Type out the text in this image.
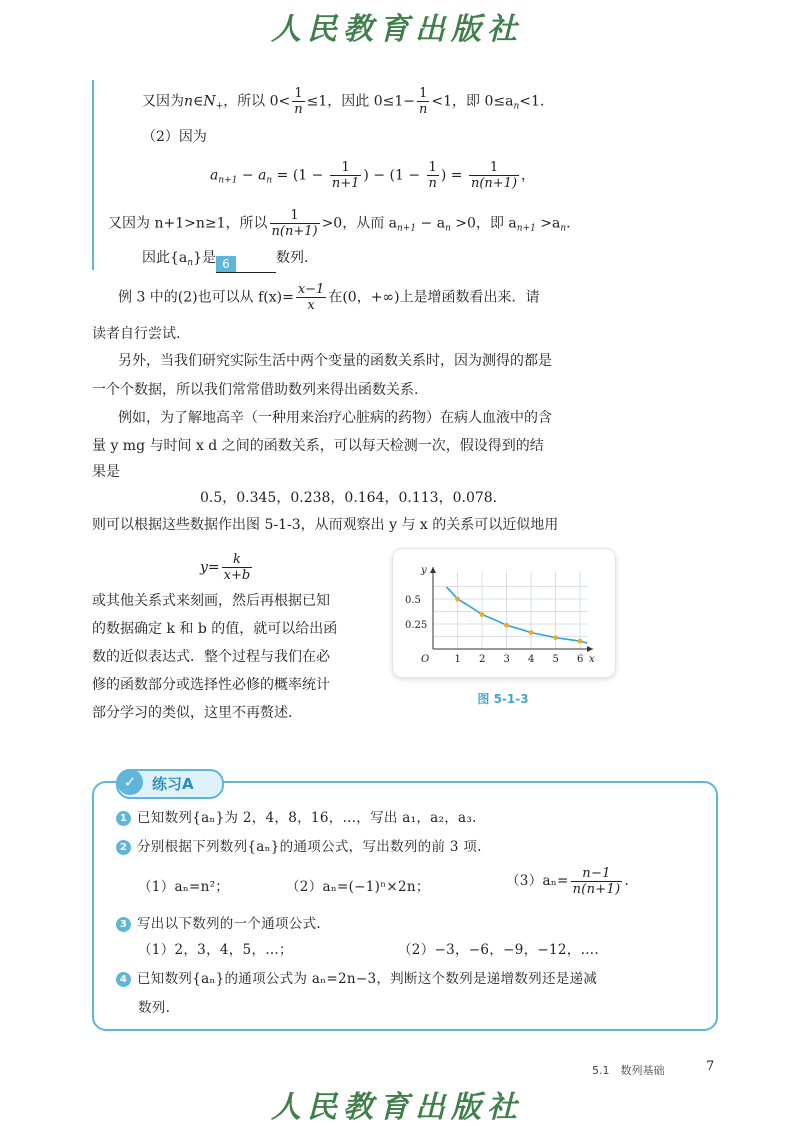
人民教育出版社
又因为$n\in N_+$，所以 $0< \frac{1}{n} \le 1$，因此 $0\le 1- \frac{1}{n} <1$，即 $0\le a_n<1$.
（2）因为
$a_{n+1} - a_n = (1 - \frac{1}{n+1}$ ) − ($1 - \frac{1}{n}$ ) = $\frac{1}{n(n+1)}$ ，
又因为 n+1>n≥1，所以 $\frac{1}{n(n+1)} >0$，从而 $a_{n+1} - a_n >0$，即 $a_{n+1} >a_n$.
因此$\{a_n\}$是 6	数列.
例 3 中的(2)也可以从 $f(x)= \frac{x-1}{x}$ 在(0，+∞)上是增函数看出来．请
读者自行尝试.
另外，当我们研究实际生活中两个变量的函数关系时，因为测得的都是
一个个数据，所以我们常常借助数列来得出函数关系.
例如，为了解地高辛（一种用来治疗心脏病的药物）在病人血液中的含
量 y mg 与时间 x d 之间的函数关系，可以每天检测一次，假设得到的结
果是
0.5，0.345，0.238，0.164，0.113，0.078.
则可以根据这些数据作出图 5-1-3，从而观察出 y 与 x 的关系可以近似地用
$y= \frac{k}{x+b}$
或其他关系式来刻画，然后再根据已知
的数据确定 k 和 b 的值，就可以给出函
数的近似表达式．整个过程与我们在必
修的函数部分或选择性必修的概率统计
部分学习的类似，这里不再赘述.
1 2 3 4 5 6
0.25
0.5
O	x
y
图 5-1-3
✓	练习A
1 已知数列{aₙ}为 2，4，8，16，…，写出 a₁，a₂，a₃.
2 分别根据下列数列{aₙ}的通项公式，写出数列的前 3 项.
（1）aₙ=n²；	（2）aₙ=(−1)ⁿ×2n；	$(3)a_n= \frac{n-1}{n(n+1)}$ .
3 写出以下数列的一个通项公式.
（1）2，3，4，5，…；	（2）−3，−6，−9，−12，….
4 已知数列{aₙ}的通项公式为 aₙ=2n−3，判断这个数列是递增数列还是递减
数列.
5.1　数列基础	7
人民教育出版社
